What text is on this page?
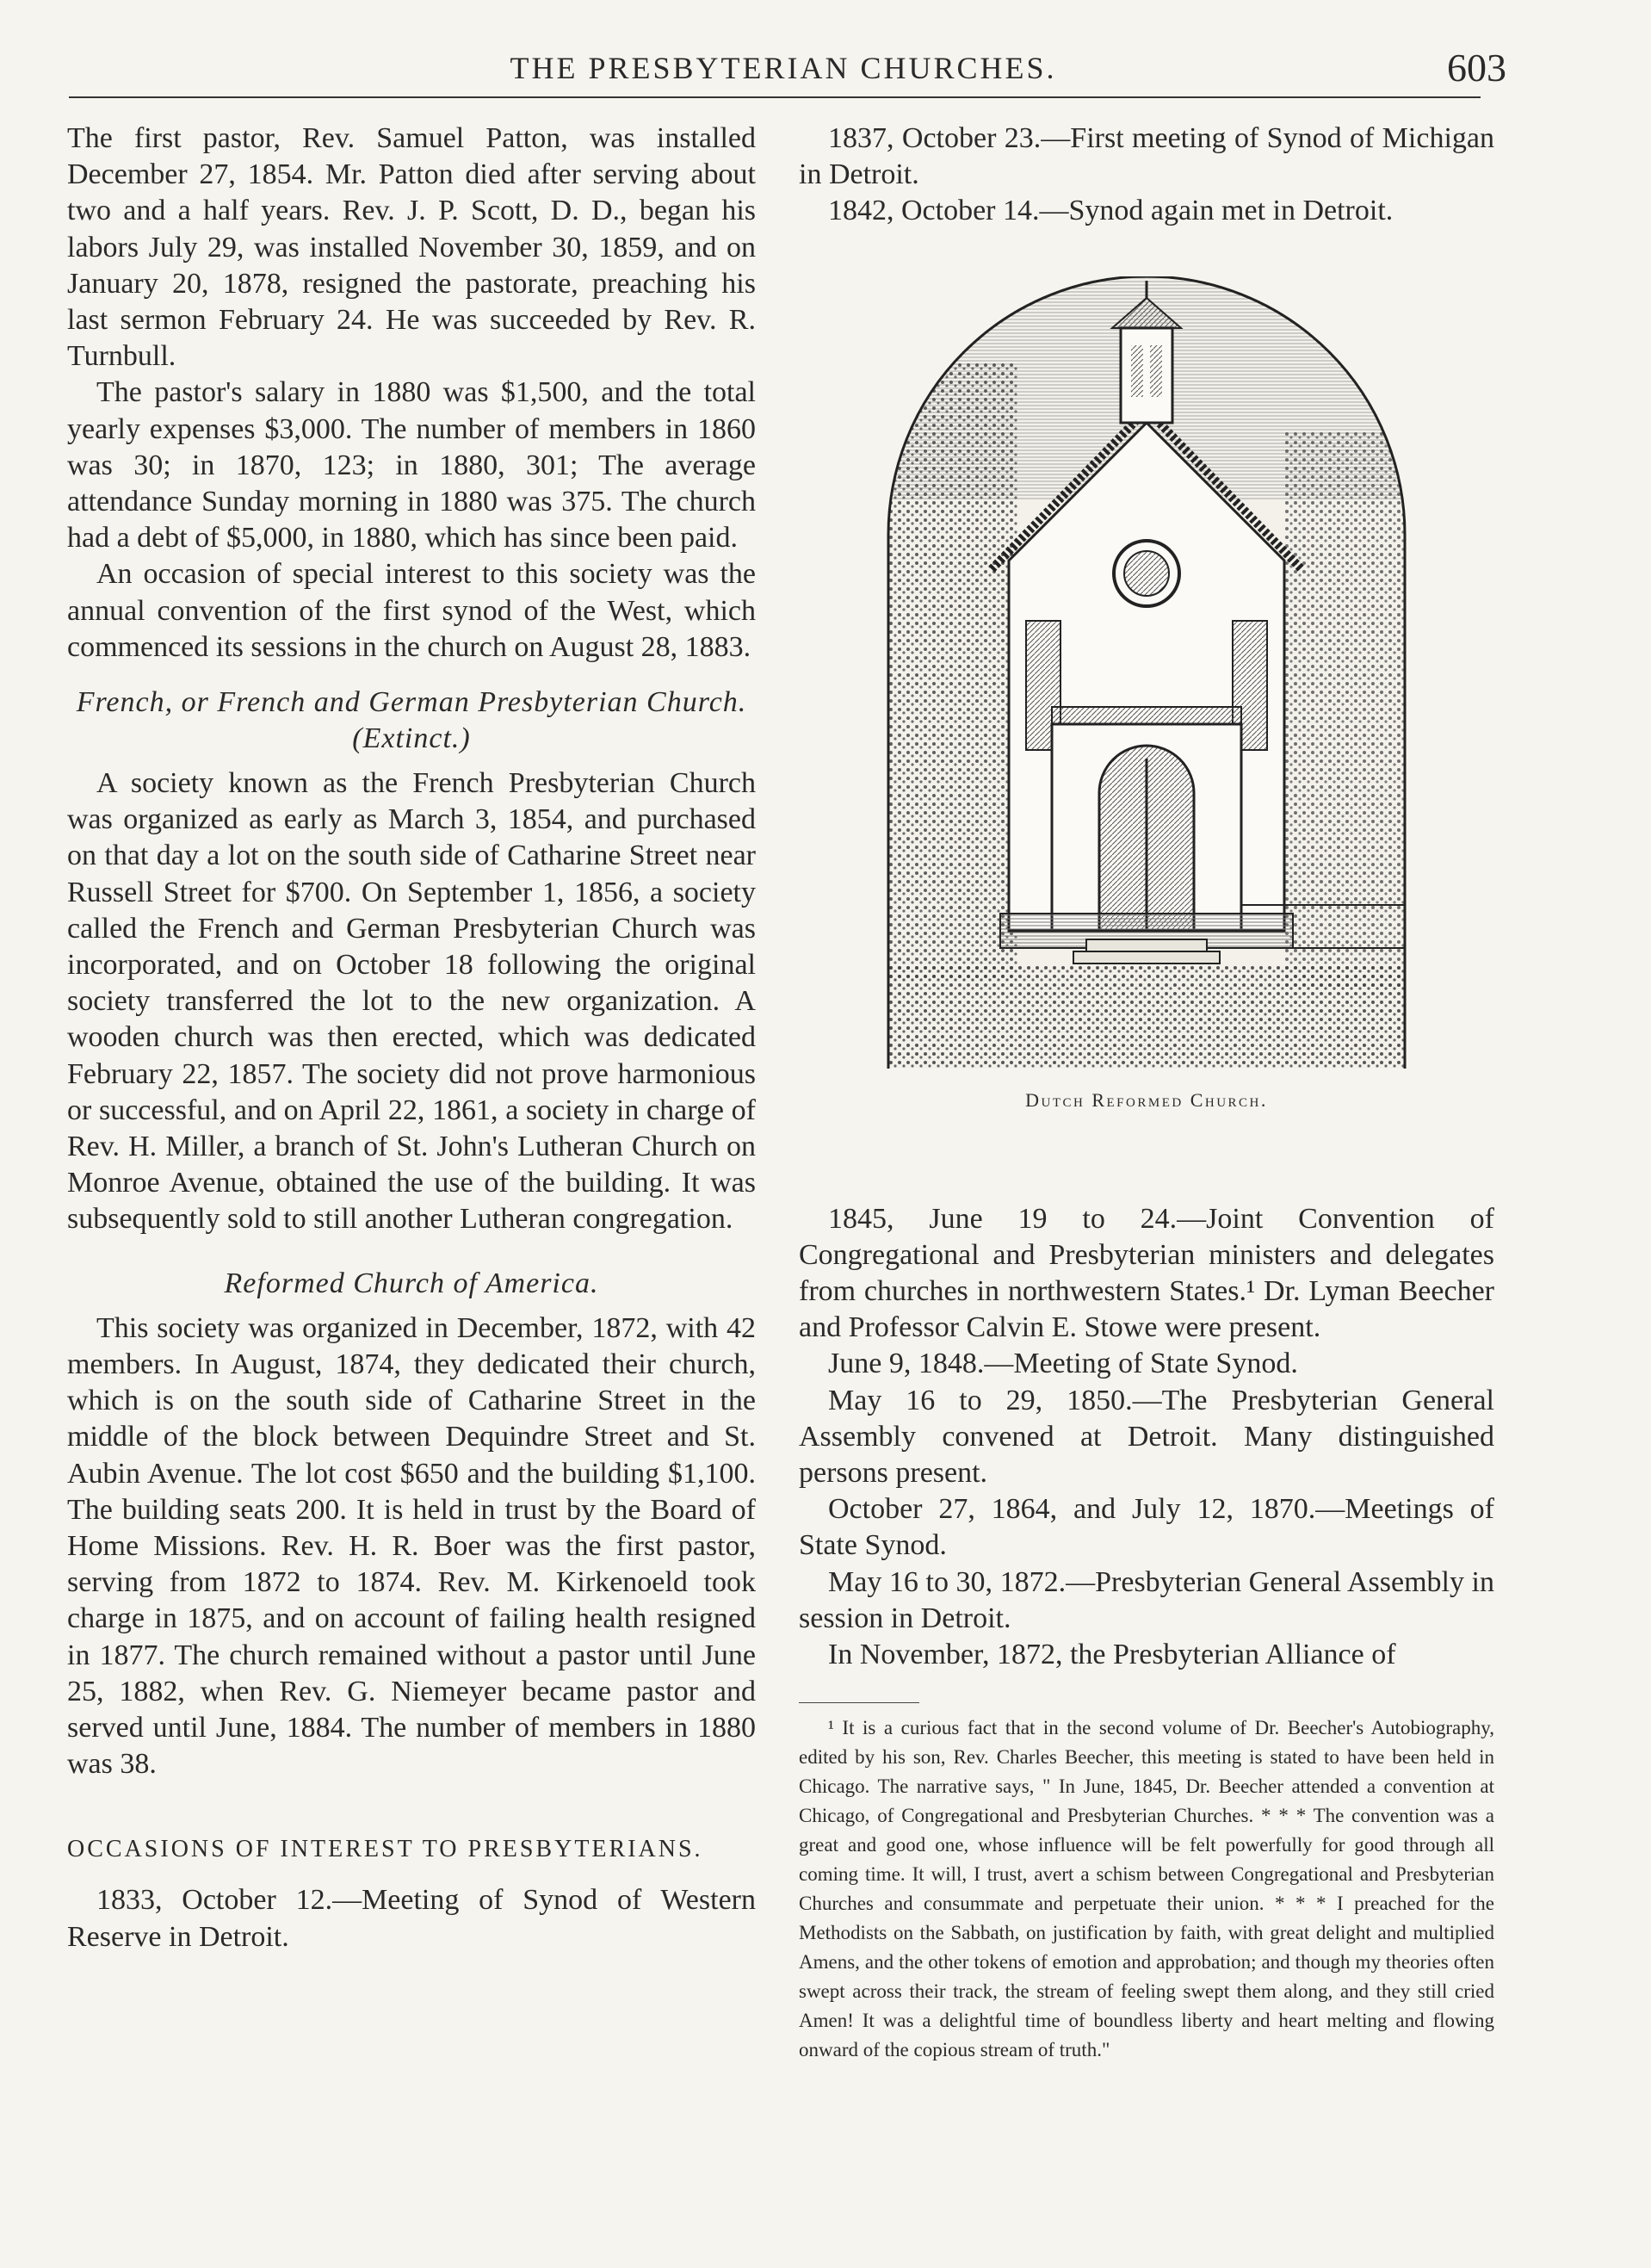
THE PRESBYTERIAN CHURCHES.	603

The first pastor, Rev. Samuel Patton, was installed December 27, 1854. Mr. Patton died after serving about two and a half years. Rev. J. P. Scott, D. D., began his labors July 29, was installed November 30, 1859, and on January 20, 1878, resigned the pastorate, preaching his last sermon February 24. He was succeeded by Rev. R. Turnbull.

The pastor's salary in 1880 was $1,500, and the total yearly expenses $3,000. The number of members in 1860 was 30; in 1870, 123; in 1880, 301; The average attendance Sunday morning in 1880 was 375. The church had a debt of $5,000, in 1880, which has since been paid.

An occasion of special interest to this society was the annual convention of the first synod of the West, which commenced its sessions in the church on August 28, 1883.

French, or French and German Presbyterian Church. (Extinct.)

A society known as the French Presbyterian Church was organized as early as March 3, 1854, and purchased on that day a lot on the south side of Catharine Street near Russell Street for $700. On September 1, 1856, a society called the French and German Presbyterian Church was incorporated, and on October 18 following the original society transferred the lot to the new organization. A wooden church was then erected, which was dedicated February 22, 1857. The society did not prove harmonious or successful, and on April 22, 1861, a society in charge of Rev. H. Miller, a branch of St. John's Lutheran Church on Monroe Avenue, obtained the use of the building. It was subsequently sold to still another Lutheran congregation.

Reformed Church of America.

This society was organized in December, 1872, with 42 members. In August, 1874, they dedicated their church, which is on the south side of Catharine Street in the middle of the block between Dequindre Street and St. Aubin Avenue. The lot cost $650 and the building $1,100. The building seats 200. It is held in trust by the Board of Home Missions. Rev. H. R. Boer was the first pastor, serving from 1872 to 1874. Rev. M. Kirkenoeld took charge in 1875, and on account of failing health resigned in 1877. The church remained without a pastor until June 25, 1882, when Rev. G. Niemeyer became pastor and served until June, 1884. The number of members in 1880 was 38.

OCCASIONS OF INTEREST TO PRESBYTERIANS.

1833, October 12.—Meeting of Synod of Western Reserve in Detroit.

1837, October 23.—First meeting of Synod of Michigan in Detroit.

1842, October 14.—Synod again met in Detroit.

Dutch Reformed Church.

1845, June 19 to 24.—Joint Convention of Congregational and Presbyterian ministers and delegates from churches in northwestern States.¹ Dr. Lyman Beecher and Professor Calvin E. Stowe were present.

June 9, 1848.—Meeting of State Synod.

May 16 to 29, 1850.—The Presbyterian General Assembly convened at Detroit. Many distinguished persons present.

October 27, 1864, and July 12, 1870.—Meetings of State Synod.

May 16 to 30, 1872.—Presbyterian General Assembly in session in Detroit.

In November, 1872, the Presbyterian Alliance of

¹ It is a curious fact that in the second volume of Dr. Beecher's Autobiography, edited by his son, Rev. Charles Beecher, this meeting is stated to have been held in Chicago. The narrative says, " In June, 1845, Dr. Beecher attended a convention at Chicago, of Congregational and Presbyterian Churches. * * * The convention was a great and good one, whose influence will be felt powerfully for good through all coming time. It will, I trust, avert a schism between Congregational and Presbyterian Churches and consummate and perpetuate their union. * * * I preached for the Methodists on the Sabbath, on justification by faith, with great delight and multiplied Amens, and the other tokens of emotion and approbation; and though my theories often swept across their track, the stream of feeling swept them along, and they still cried Amen! It was a delightful time of boundless liberty and heart melting and flowing onward of the copious stream of truth."
